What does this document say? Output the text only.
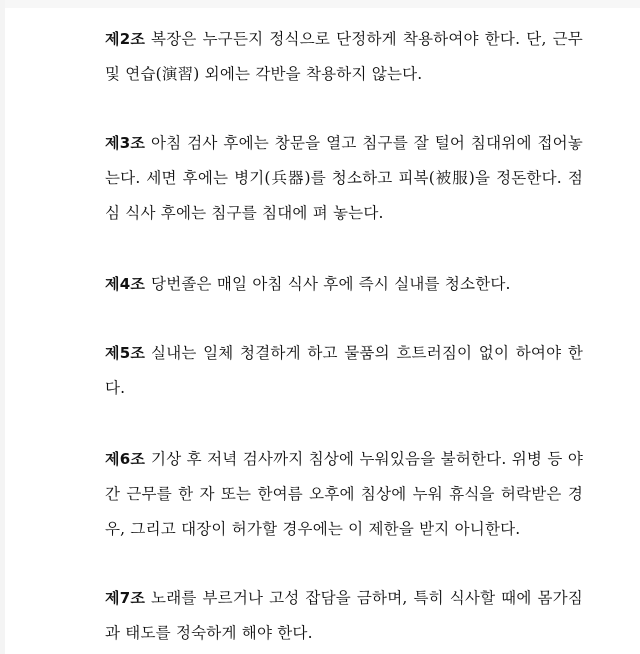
제2조 복장은 누구든지 정식으로 단정하게 착용하여야 한다. 단, 근무 및 연습(演習) 외에는 각반을 착용하지 않는다.

제3조 아침 검사 후에는 창문을 열고 침구를 잘 털어 침대위에 접어놓는다. 세면 후에는 병기(兵器)를 청소하고 피복(被服)을 정돈한다. 점심 식사 후에는 침구를 침대에 펴 놓는다.

제4조 당번졸은 매일 아침 식사 후에 즉시 실내를 청소한다.

제5조 실내는 일체 청결하게 하고 물품의 흐트러짐이 없이 하여야 한다.

제6조 기상 후 저녁 검사까지 침상에 누워있음을 불허한다. 위병 등 야간 근무를 한 자 또는 한여름 오후에 침상에 누워 휴식을 허락받은 경우, 그리고 대장이 허가할 경우에는 이 제한을 받지 아니한다.

제7조 노래를 부르거나 고성 잡담을 금하며, 특히 식사할 때에 몸가짐과 태도를 정숙하게 해야 한다.
